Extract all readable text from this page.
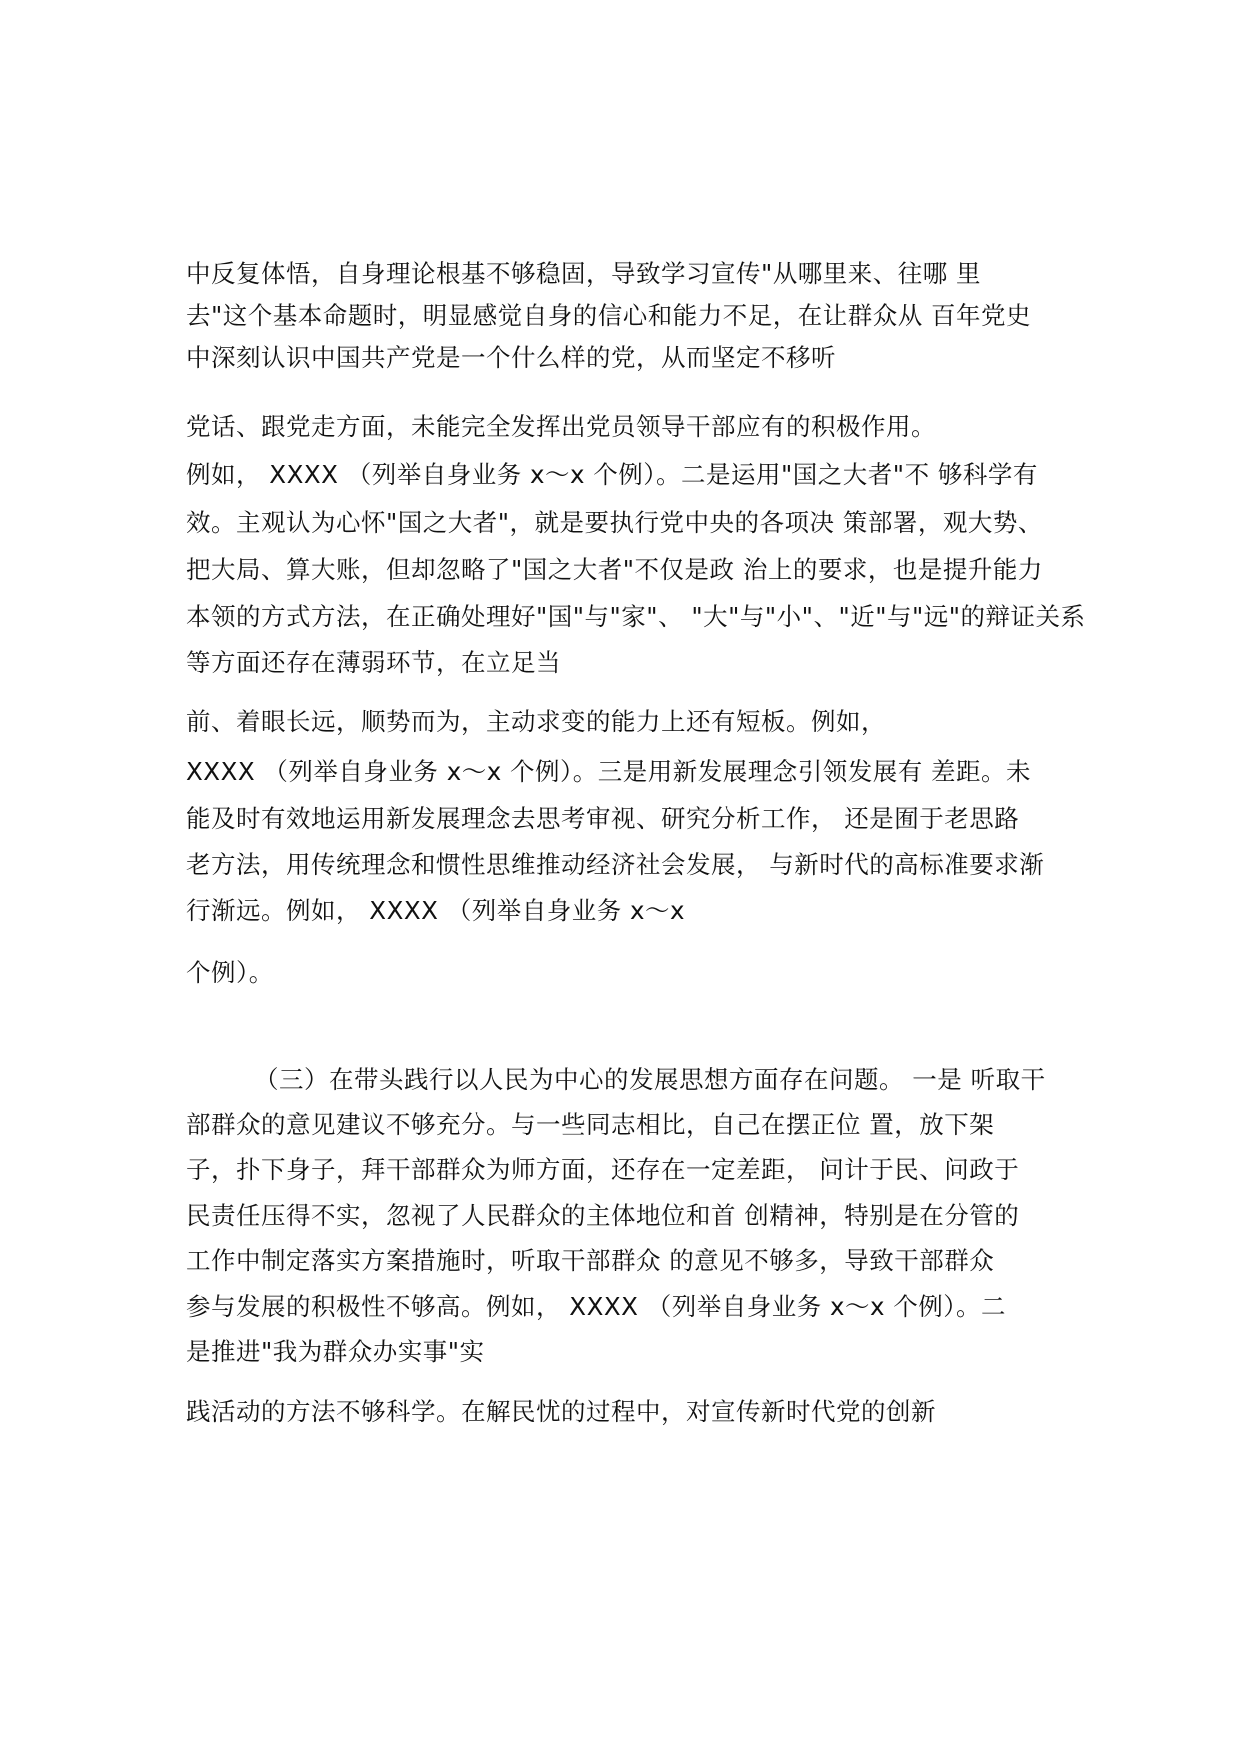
中反复体悟，自身理论根基不够稳固，导致学习宣传"从哪里来、往哪 里
去"这个基本命题时，明显感觉自身的信心和能力不足，在让群众从 百年党史
中深刻认识中国共产党是一个什么样的党，从而坚定不移听
党话、跟党走方面，未能完全发挥出党员领导干部应有的积极作用。
例如， XXXX （列举自身业务 x〜x 个例）。二是运用"国之大者"不 够科学有
效。主观认为心怀"国之大者"，就是要执行党中央的各项决 策部署，观大势、
把大局、算大账，但却忽略了"国之大者"不仅是政 治上的要求，也是提升能力
本领的方式方法，在正确处理好"国"与"家"、 "大"与"小"、"近"与"远"的辩证关系
等方面还存在薄弱环节，在立足当
前、着眼长远，顺势而为，主动求变的能力上还有短板。例如，
XXXX （列举自身业务 x〜x 个例）。三是用新发展理念引领发展有 差距。未
能及时有效地运用新发展理念去思考审视、研究分析工作， 还是囿于老思路
老方法，用传统理念和惯性思维推动经济社会发展， 与新时代的高标准要求渐
行渐远。例如， XXXX （列举自身业务 x〜x
个例）。
（三）在带头践行以人民为中心的发展思想方面存在问题。 一是 听取干
部群众的意见建议不够充分。与一些同志相比，自己在摆正位 置，放下架
子，扑下身子，拜干部群众为师方面，还存在一定差距， 问计于民、问政于
民责任压得不实，忽视了人民群众的主体地位和首 创精神，特别是在分管的
工作中制定落实方案措施时，听取干部群众 的意见不够多，导致干部群众
参与发展的积极性不够高。例如， XXXX （列举自身业务 x〜x 个例）。二
是推进"我为群众办实事"实
践活动的方法不够科学。在解民忧的过程中，对宣传新时代党的创新
